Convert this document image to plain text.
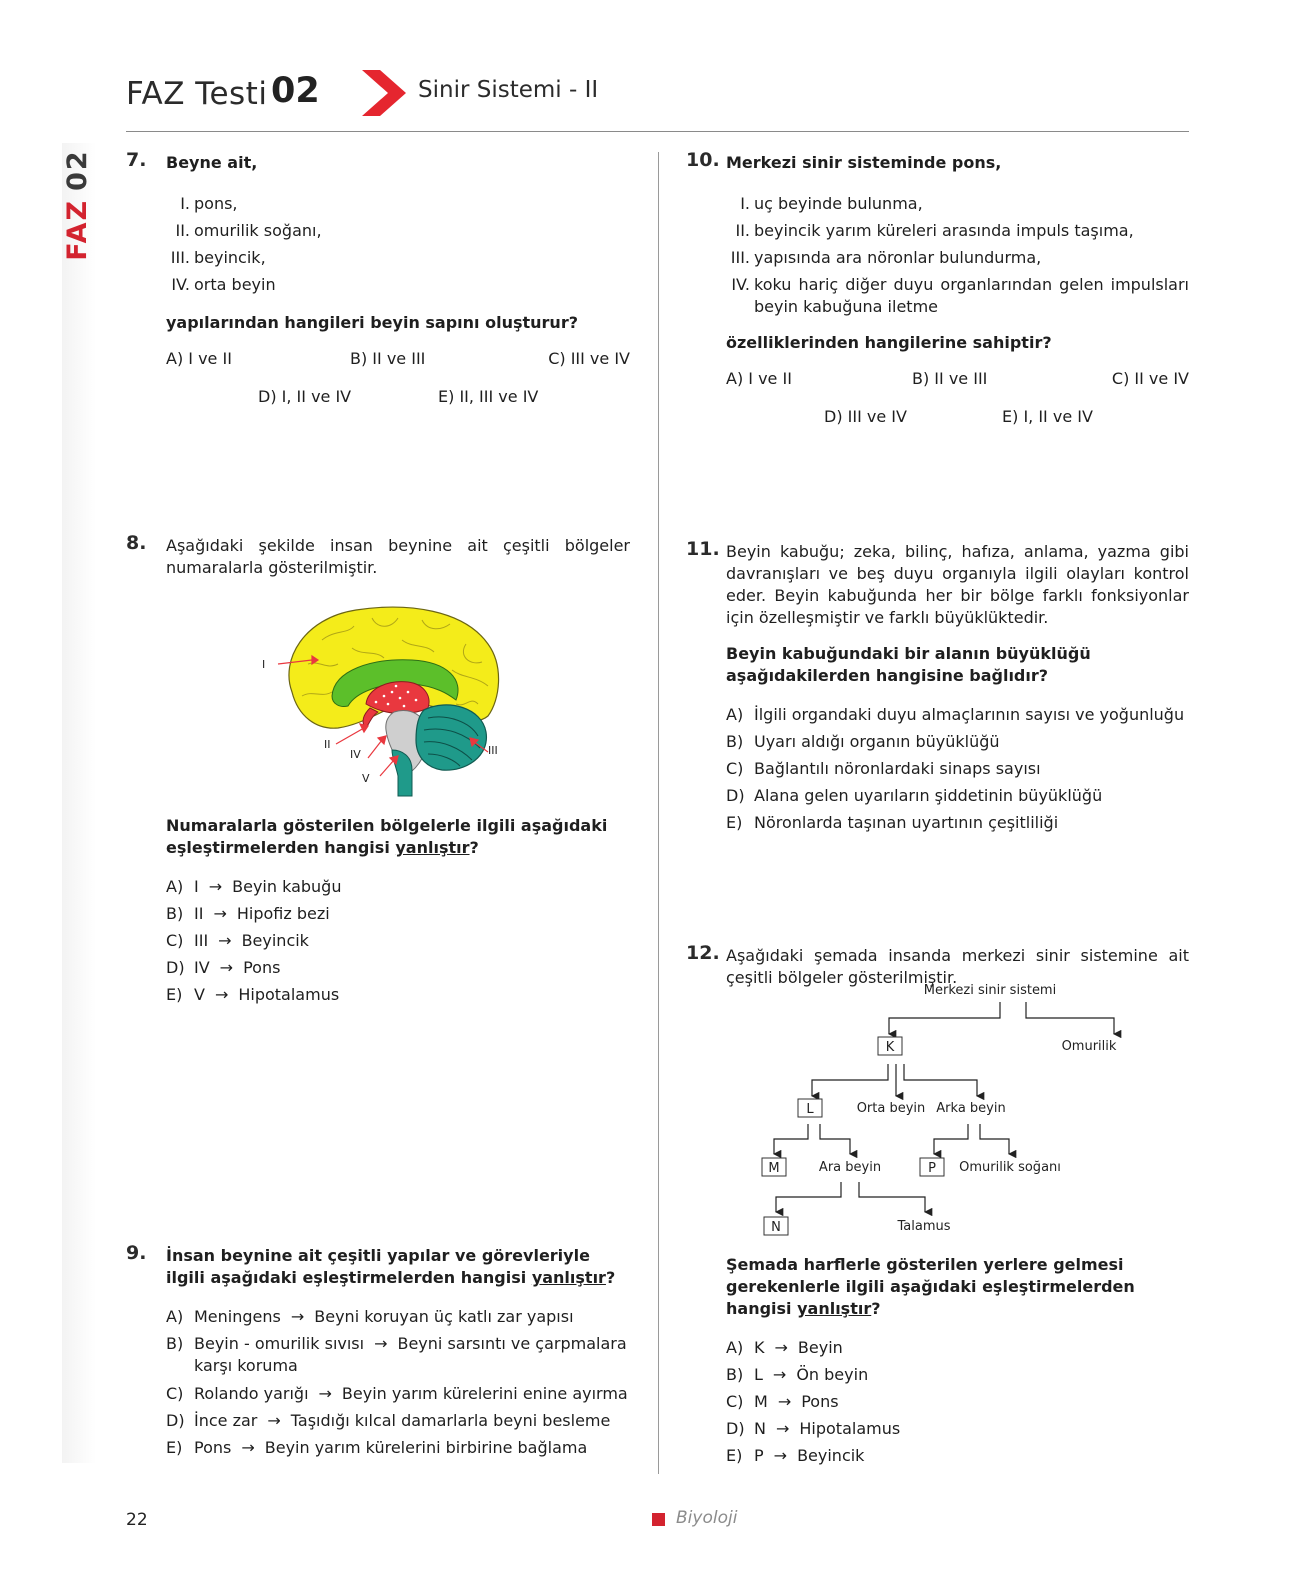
FAZ02
FAZ Testi 02	Sinir Sistemi - II
7. Beyne ait,
I. pons,
II. omurilik soğanı,
III. beyincik,
IV. orta beyin
yapılarından hangileri beyin sapını oluşturur?
A) I ve II	B) II ve III	C) III ve IV
D) I, II ve IV	E) II, III ve IV
8. Aşağıdaki şekilde insan beynine ait çeşitli bölgeler numaralarla gösterilmiştir.
I
II	III
IV
V
Numaralarla gösterilen bölgelerle ilgili aşağıdaki eşleştirmelerden hangisi yanlıştır?
A) I → Beyin kabuğu
B) II → Hipofiz bezi
C) III → Beyincik
D) IV → Pons
E) V → Hipotalamus
9. İnsan beynine ait çeşitli yapılar ve görevleriyle ilgili aşağıdaki eşleştirmelerden hangisi yanlıştır?
A) Meningens → Beyni koruyan üç katlı zar yapısı
B) Beyin - omurilik sıvısı → Beyni sarsıntı ve çarpmalara karşı koruma
C) Rolando yarığı → Beyin yarım kürelerini enine ayırma
D) İnce zar → Taşıdığı kılcal damarlarla beyni besleme
E) Pons → Beyin yarım kürelerini birbirine bağlama
10. Merkezi sinir sisteminde pons,
I. uç beyinde bulunma,
II. beyincik yarım küreleri arasında impuls taşıma,
III. yapısında ara nöronlar bulundurma,
IV. koku hariç diğer duyu organlarından gelen impulsları beyin kabuğuna iletme
özelliklerinden hangilerine sahiptir?
A) I ve II	B) II ve III	C) II ve IV
D) III ve IV	E) I, II ve IV
11. Beyin kabuğu; zeka, bilinç, hafıza, anlama, yazma gibi davranışları ve beş duyu organıyla ilgili olayları kontrol eder. Beyin kabuğunda her bir bölge farklı fonksiyonlar için özelleşmiştir ve farklı büyüklüktedir.
Beyin kabuğundaki bir alanın büyüklüğü aşağıdakilerden hangisine bağlıdır?
A) İlgili organdaki duyu almaçlarının sayısı ve yoğunluğu
B) Uyarı aldığı organın büyüklüğü
C) Bağlantılı nöronlardaki sinaps sayısı
D) Alana gelen uyarıların şiddetinin büyüklüğü
E) Nöronlarda taşınan uyartının çeşitliliği
12. Aşağıdaki şemada insanda merkezi sinir sistemine ait çeşitli bölgeler gösterilmiştir.
Merkezi sinir sistemi
K	Omurilik
L	Orta beyin Arka beyin
M	Ara beyin	P Omurilik soğanı
N	Talamus
Şemada harflerle gösterilen yerlere gelmesi gerekenlerle ilgili aşağıdaki eşleştirmelerden hangisi yanlıştır?
A) K → Beyin
B) L → Ön beyin
C) M → Pons
D) N → Hipotalamus
E) P → Beyincik
22	Biyoloji
